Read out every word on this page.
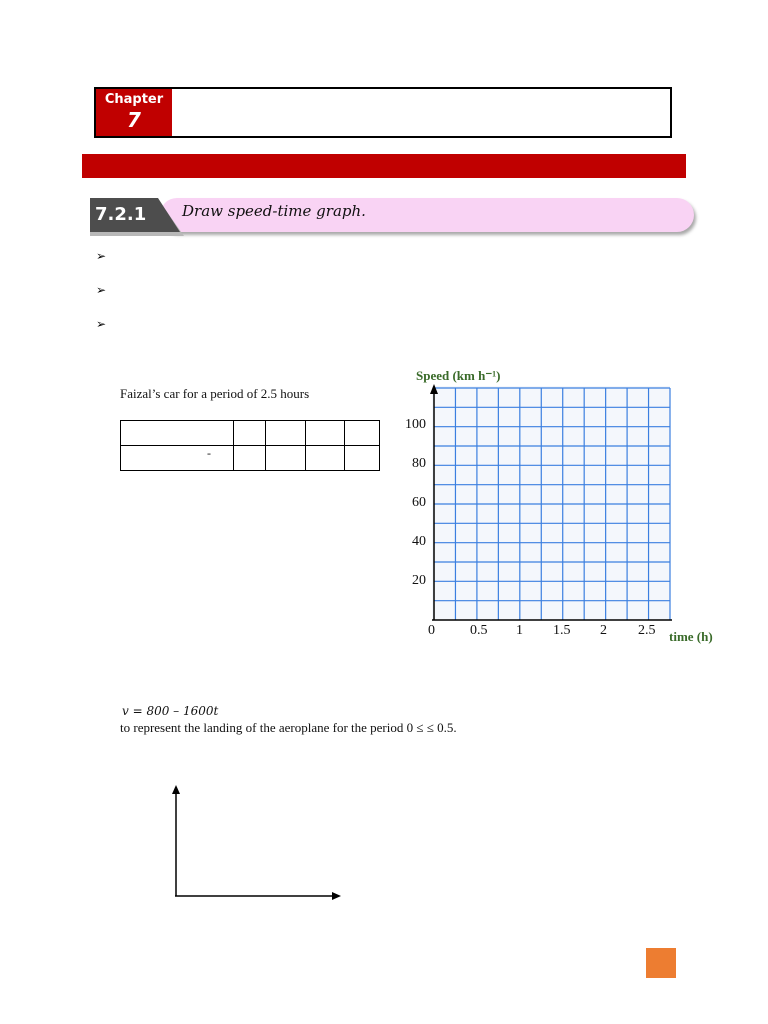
Chapter
7
7.2.1 Draw speed-time graph.
➢
➢
➢
Faizal’s car for a period of 2.5 hours

-				
Speed (km h⁻¹)
100
80
60
40
20
0	0.5 1 1.5 2 2.5 time (h)
v = 800 – 1600t
to represent the landing of the aeroplane for the period 0 ≤ ≤ 0.5.
